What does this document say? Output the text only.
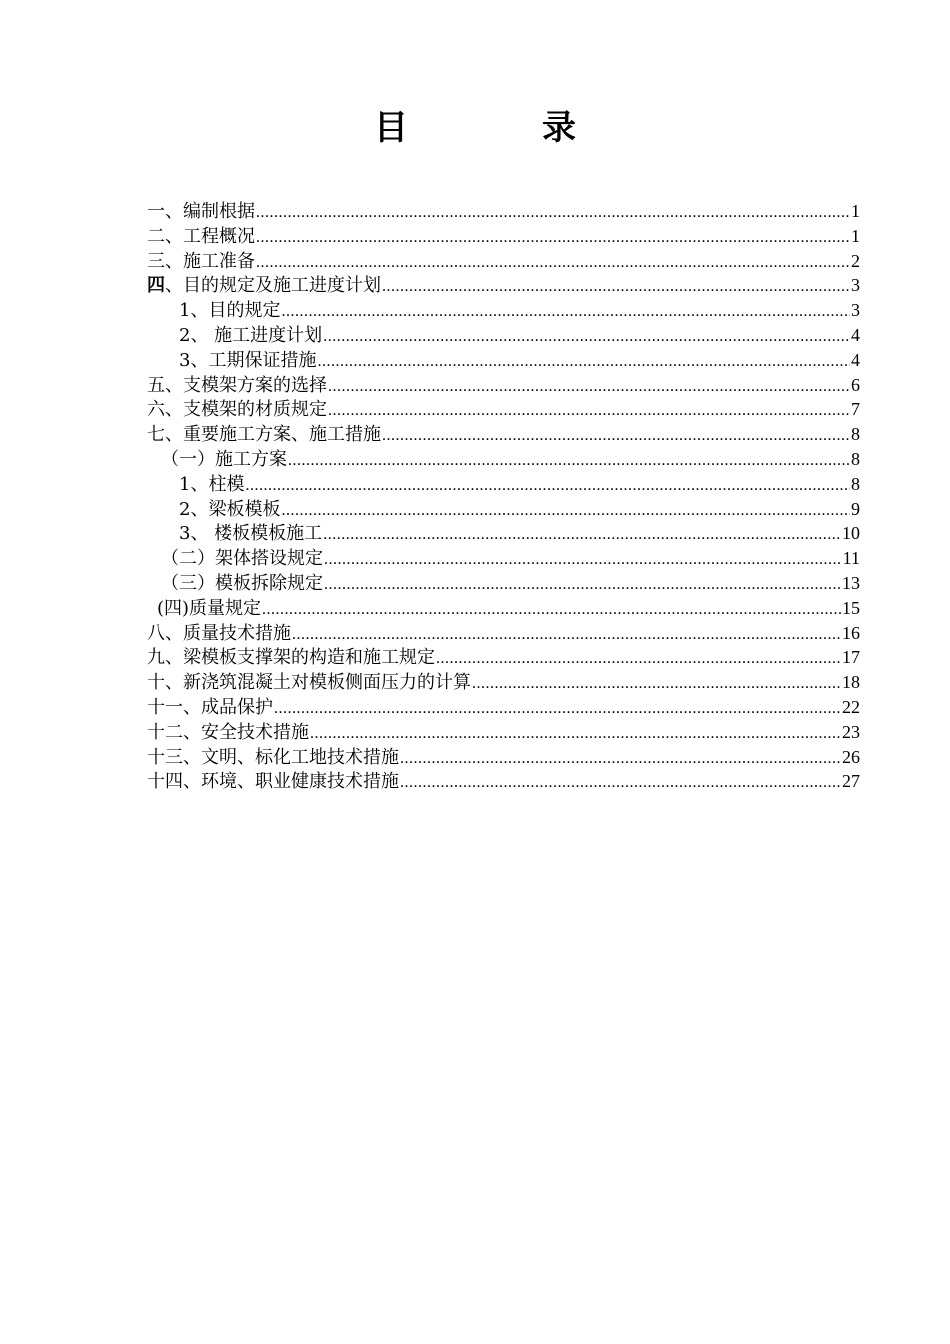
目　录
一、编制根据 .....	1
二、工程概况 .....	1
三、施工准备 .....	2
四、目的规定及施工进度计划 .....	3
1、目的规定 .....	3
2、 施工进度计划 .....	4
3、工期保证措施 .....	4
五、支模架方案的选择 .....	6
六、支模架的材质规定 .....	7
七、重要施工方案、施工措施 .....	8
（一）施工方案 .....	8
1、柱模 .....	8
2、梁板模板 .....	9
3、 楼板模板施工 .....	10
（二）架体搭设规定 .....	11
（三）模板拆除规定 .....	13
(四)质量规定 .....	15
八、质量技术措施 .....	16
九、梁模板支撑架的构造和施工规定 .....	17
十、新浇筑混凝土对模板侧面压力的计算 .....	18
十一、成品保护 .....	22
十二、安全技术措施 .....	23
十三、文明、标化工地技术措施 .....	26
十四、环境、职业健康技术措施 .....	27
